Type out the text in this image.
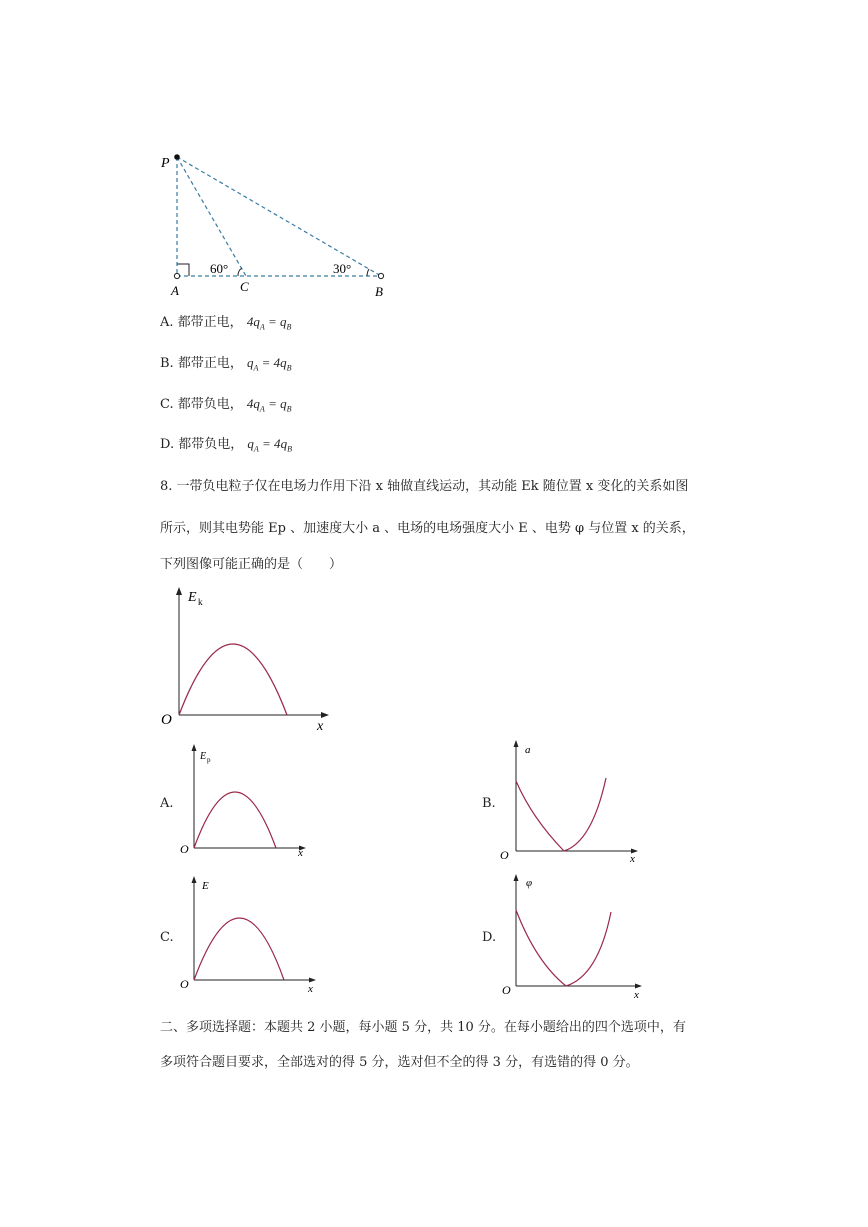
P
A	C	B
60°	30°
A. 都带正电， $4q_A = q_B$
B. 都带正电， $q_A = 4q_B$
C. 都带负电， $4q_A = q_B$
D. 都带负电， $q_A = 4q_B$
8. 一带负电粒子仅在电场力作用下沿 x 轴做直线运动，其动能 Ek 随位置 x 变化的关系如图
所示，则其电势能 Ep 、加速度大小 a 、电场的电场强度大小 E 、电势 φ 与位置 x 的关系，
下列图像可能正确的是（　　）
E k
O	x
A.
E p
O	x
B.
a
O	x
C.
E
O	x
D.
φ
O	x
二、多项选择题：本题共 2 小题，每小题 5 分，共 10 分。在每小题给出的四个选项中，有
多项符合题目要求，全部选对的得 5 分，选对但不全的得 3 分，有选错的得 0 分。
